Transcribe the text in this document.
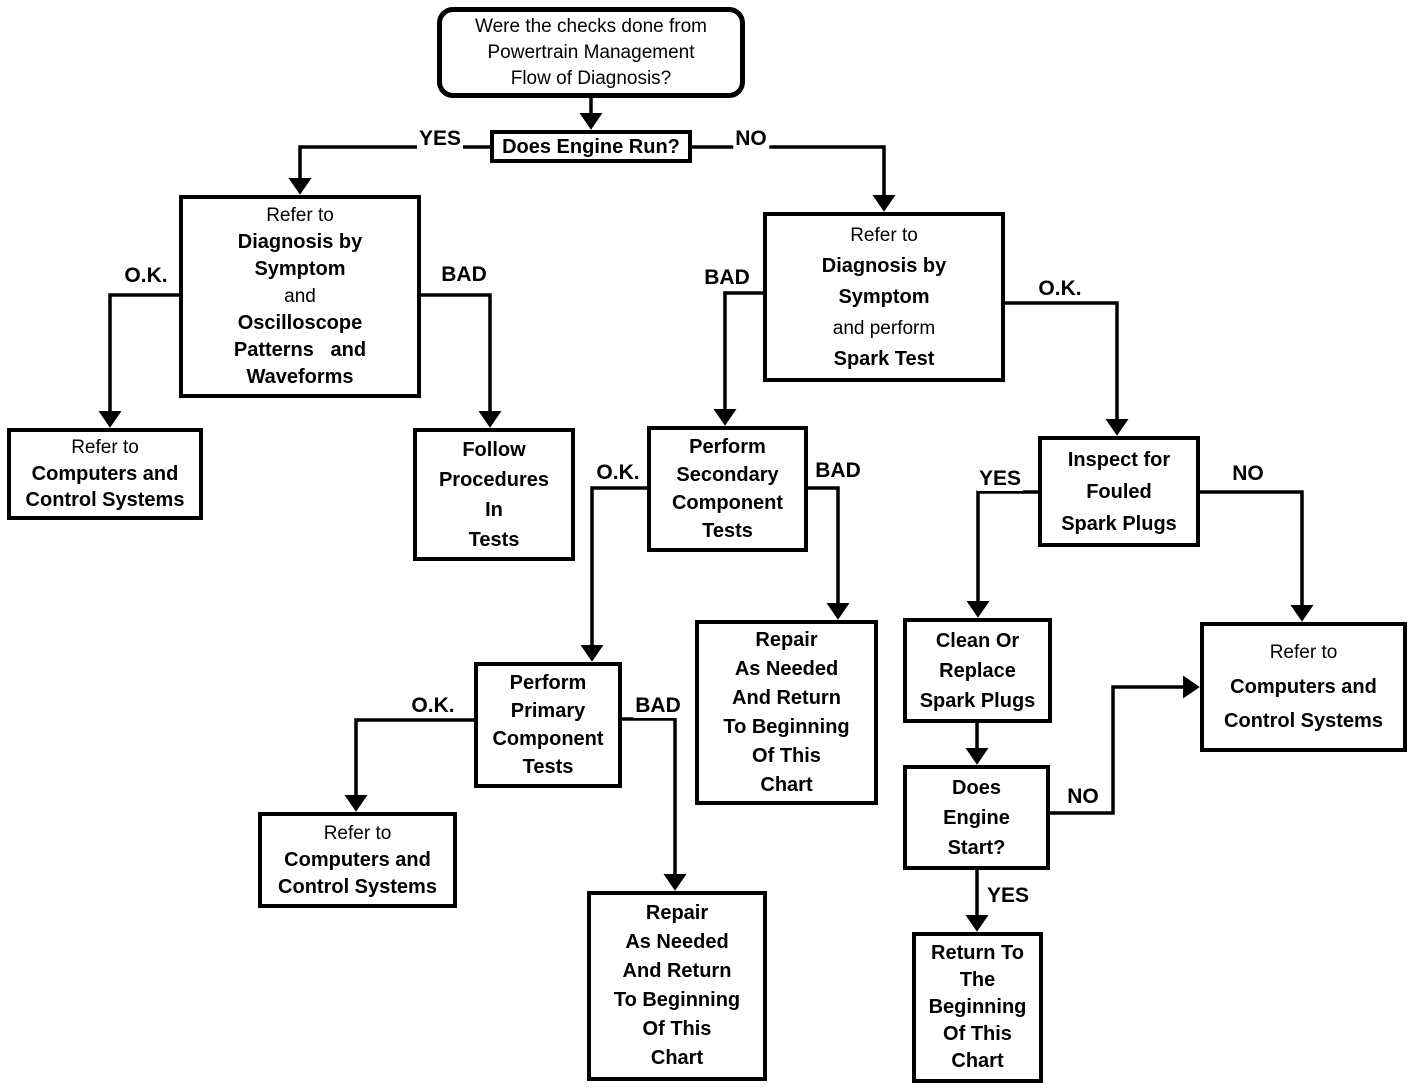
Were the checks done from
Powertrain Management
Flow of Diagnosis?
Does Engine Run?
Refer to
Diagnosis by
Symptom
and
Oscilloscope
Patterns   and
Waveforms
Refer to
Diagnosis by
Symptom
and perform
Spark Test
Refer to
Computers and
Control Systems
Follow
Procedures
In
Tests
Perform
Secondary
Component
Tests
Inspect for
Fouled
Spark Plugs
Perform
Primary
Component
Tests
Repair
As Needed
And Return
To Beginning
Of This
Chart
Clean Or
Replace
Spark Plugs
Refer to
Computers and
Control Systems
Does
Engine
Start?
Refer to
Computers and
Control Systems
Repair
As Needed
And Return
To Beginning
Of This
Chart
Return To
The
Beginning
Of This
Chart
YES	NO
O.K.	BAD	BAD	O.K.
O.K.	BAD	YES	NO
O.K.	BAD
NO
YES
